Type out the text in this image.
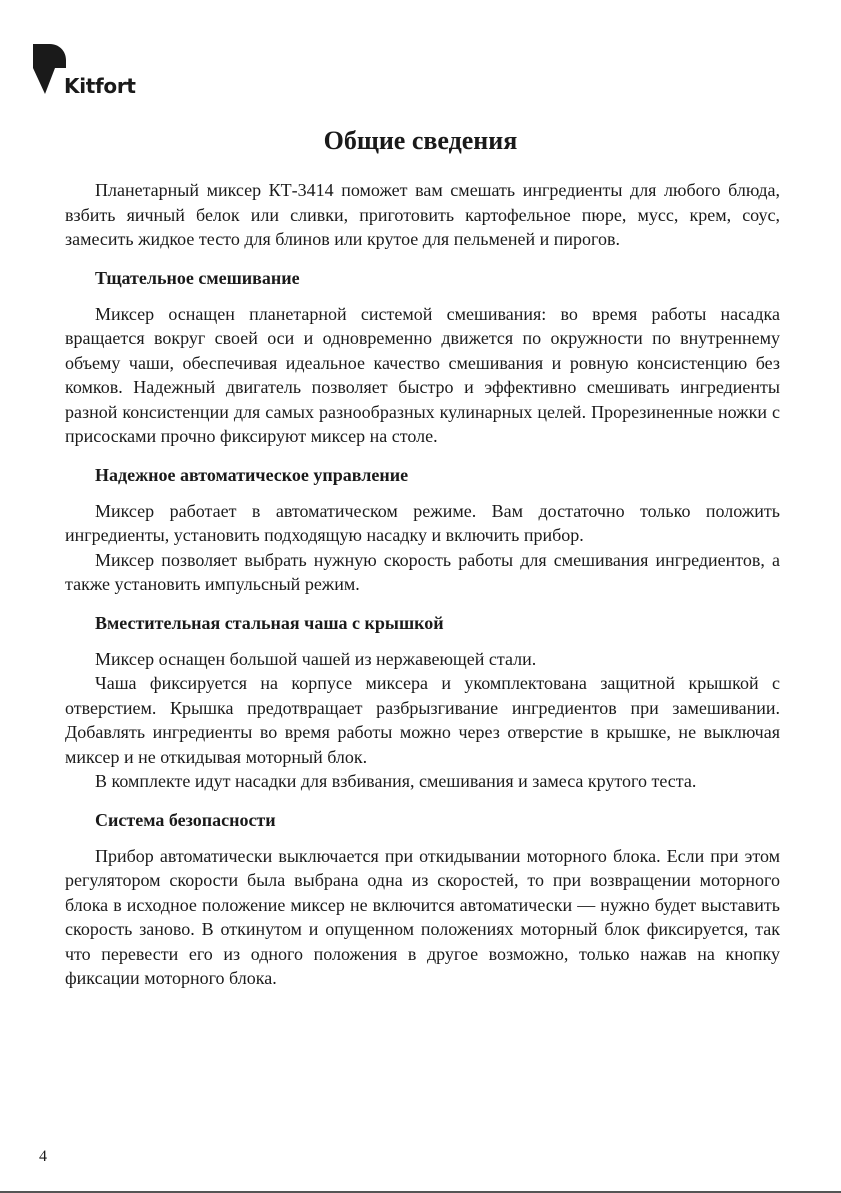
Kitfort
Общие сведения

Планетарный миксер КТ-3414 поможет вам смешать ингредиенты для любого блюда, взбить яичный белок или сливки, приготовить картофельное пюре, мусс, крем, соус, замесить жидкое тесто для блинов или крутое для пельменей и пирогов.

Тщательное смешивание

Миксер оснащен планетарной системой смешивания: во время работы насадка вращается вокруг своей оси и одновременно движется по окружности по внутреннему объему чаши, обеспечивая идеальное качество смешивания и ровную консистенцию без комков. Надежный двигатель позволяет быстро и эффективно смешивать ингредиенты разной консистенции для самых разнообразных кулинарных целей. Прорезиненные ножки с присосками прочно фиксируют миксер на столе.

Надежное автоматическое управление

Миксер работает в автоматическом режиме. Вам достаточно только положить ингредиенты, установить подходящую насадку и включить прибор.

Миксер позволяет выбрать нужную скорость работы для смешивания ингредиентов, а также установить импульсный режим.

Вместительная стальная чаша с крышкой

Миксер оснащен большой чашей из нержавеющей стали.

Чаша фиксируется на корпусе миксера и укомплектована защитной крышкой с отверстием. Крышка предотвращает разбрызгивание ингредиентов при замешивании. Добавлять ингредиенты во время работы можно через отверстие в крышке, не выключая миксер и не откидывая моторный блок.

В комплекте идут насадки для взбивания, смешивания и замеса крутого теста.

Система безопасности

Прибор автоматически выключается при откидывании моторного блока. Если при этом регулятором скорости была выбрана одна из скоростей, то при возвращении моторного блока в исходное положение миксер не включится автоматически — нужно будет выставить скорость заново. В откинутом и опущенном положениях моторный блок фиксируется, так что перевести его из одного положения в другое возможно, только нажав на кнопку фиксации моторного блока.

4
